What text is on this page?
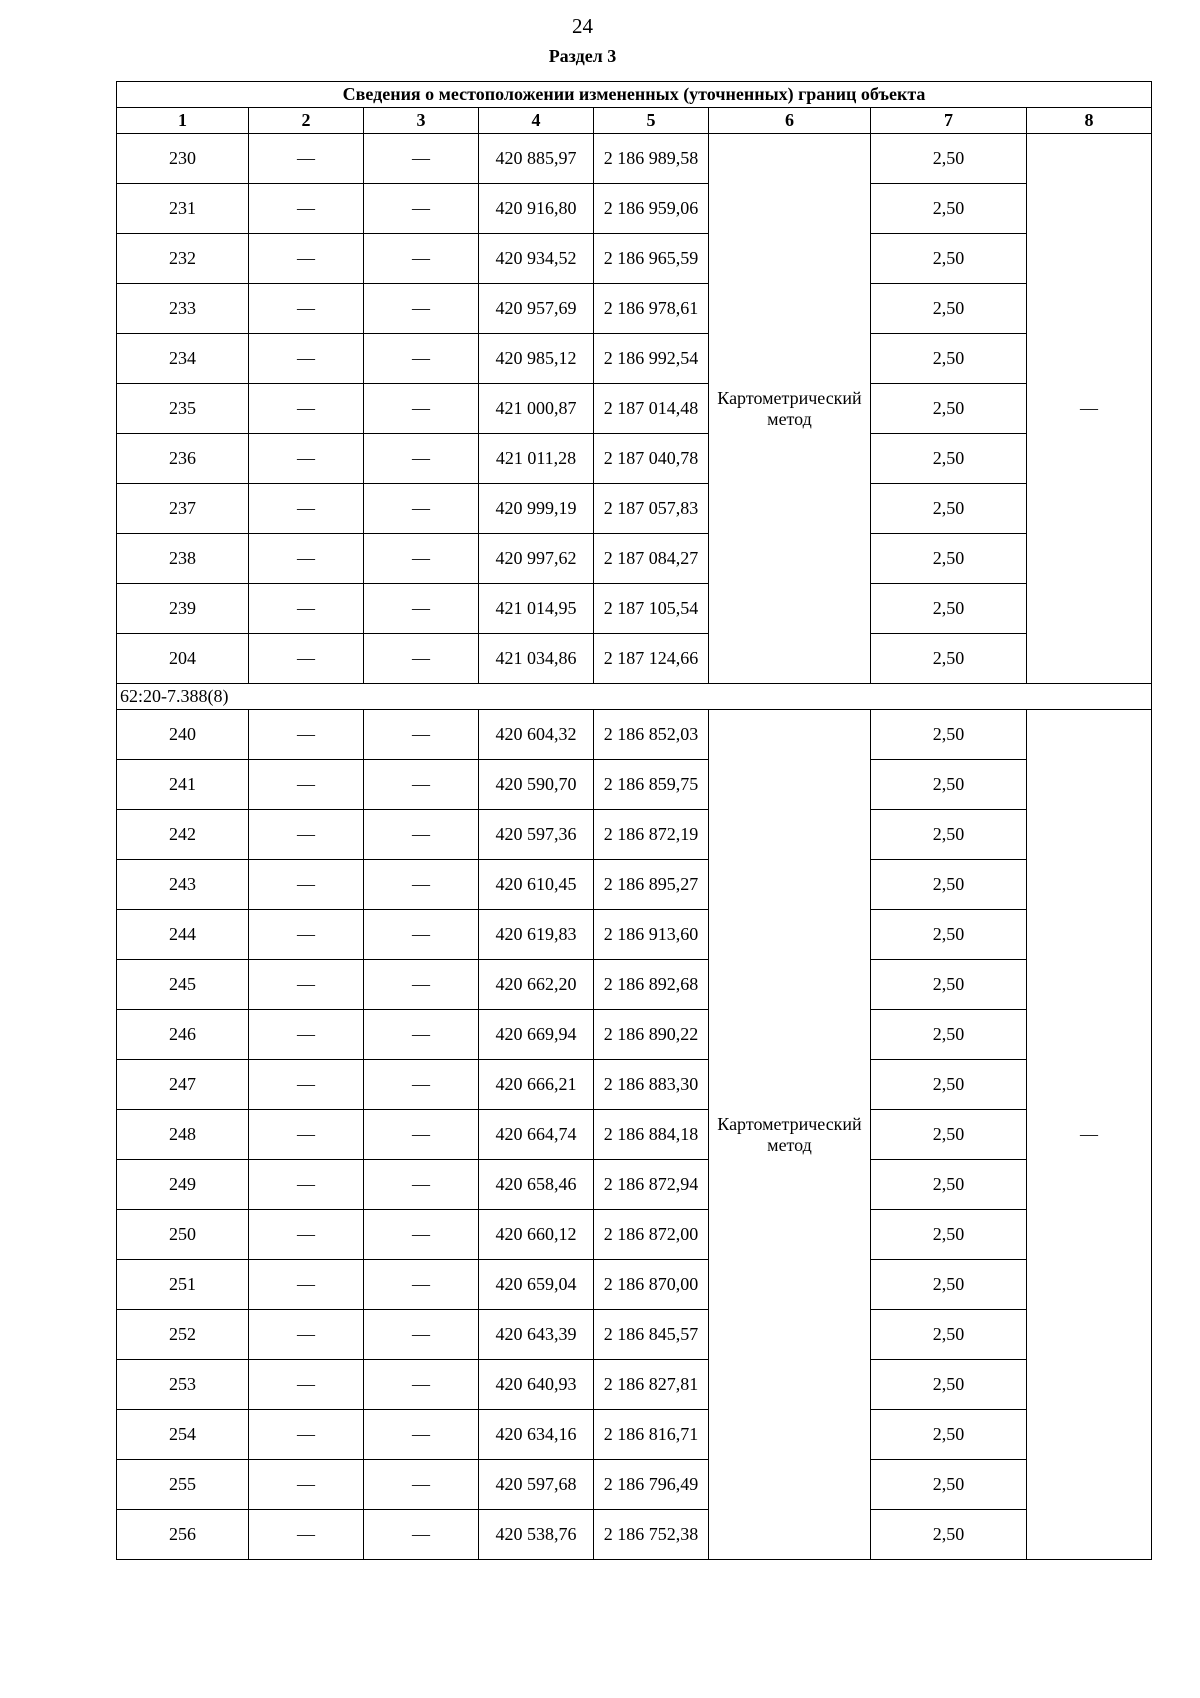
24
Раздел 3
Сведения о местоположении измененных (уточненных) границ объекта							
1	2	3	4	5	6	7	8
230	—	—	420 885,97	2 186 989,58	Картометрический метод	2,50	—
231	—	—	420 916,80	2 186 959,06		2,50	
232	—	—	420 934,52	2 186 965,59		2,50	
233	—	—	420 957,69	2 186 978,61		2,50	
234	—	—	420 985,12	2 186 992,54		2,50	
235	—	—	421 000,87	2 187 014,48		2,50	
236	—	—	421 011,28	2 187 040,78		2,50	
237	—	—	420 999,19	2 187 057,83		2,50	
238	—	—	420 997,62	2 187 084,27		2,50	
239	—	—	421 014,95	2 187 105,54		2,50	
204	—	—	421 034,86	2 187 124,66		2,50	
62:20-7.388(8)							
240	—	—	420 604,32	2 186 852,03	Картометрический метод	2,50	—
241	—	—	420 590,70	2 186 859,75		2,50	
242	—	—	420 597,36	2 186 872,19		2,50	
243	—	—	420 610,45	2 186 895,27		2,50	
244	—	—	420 619,83	2 186 913,60		2,50	
245	—	—	420 662,20	2 186 892,68		2,50	
246	—	—	420 669,94	2 186 890,22		2,50	
247	—	—	420 666,21	2 186 883,30		2,50	
248	—	—	420 664,74	2 186 884,18		2,50	
249	—	—	420 658,46	2 186 872,94		2,50	
250	—	—	420 660,12	2 186 872,00		2,50	
251	—	—	420 659,04	2 186 870,00		2,50	
252	—	—	420 643,39	2 186 845,57		2,50	
253	—	—	420 640,93	2 186 827,81		2,50	
254	—	—	420 634,16	2 186 816,71		2,50	
255	—	—	420 597,68	2 186 796,49		2,50	
256	—	—	420 538,76	2 186 752,38		2,50	
